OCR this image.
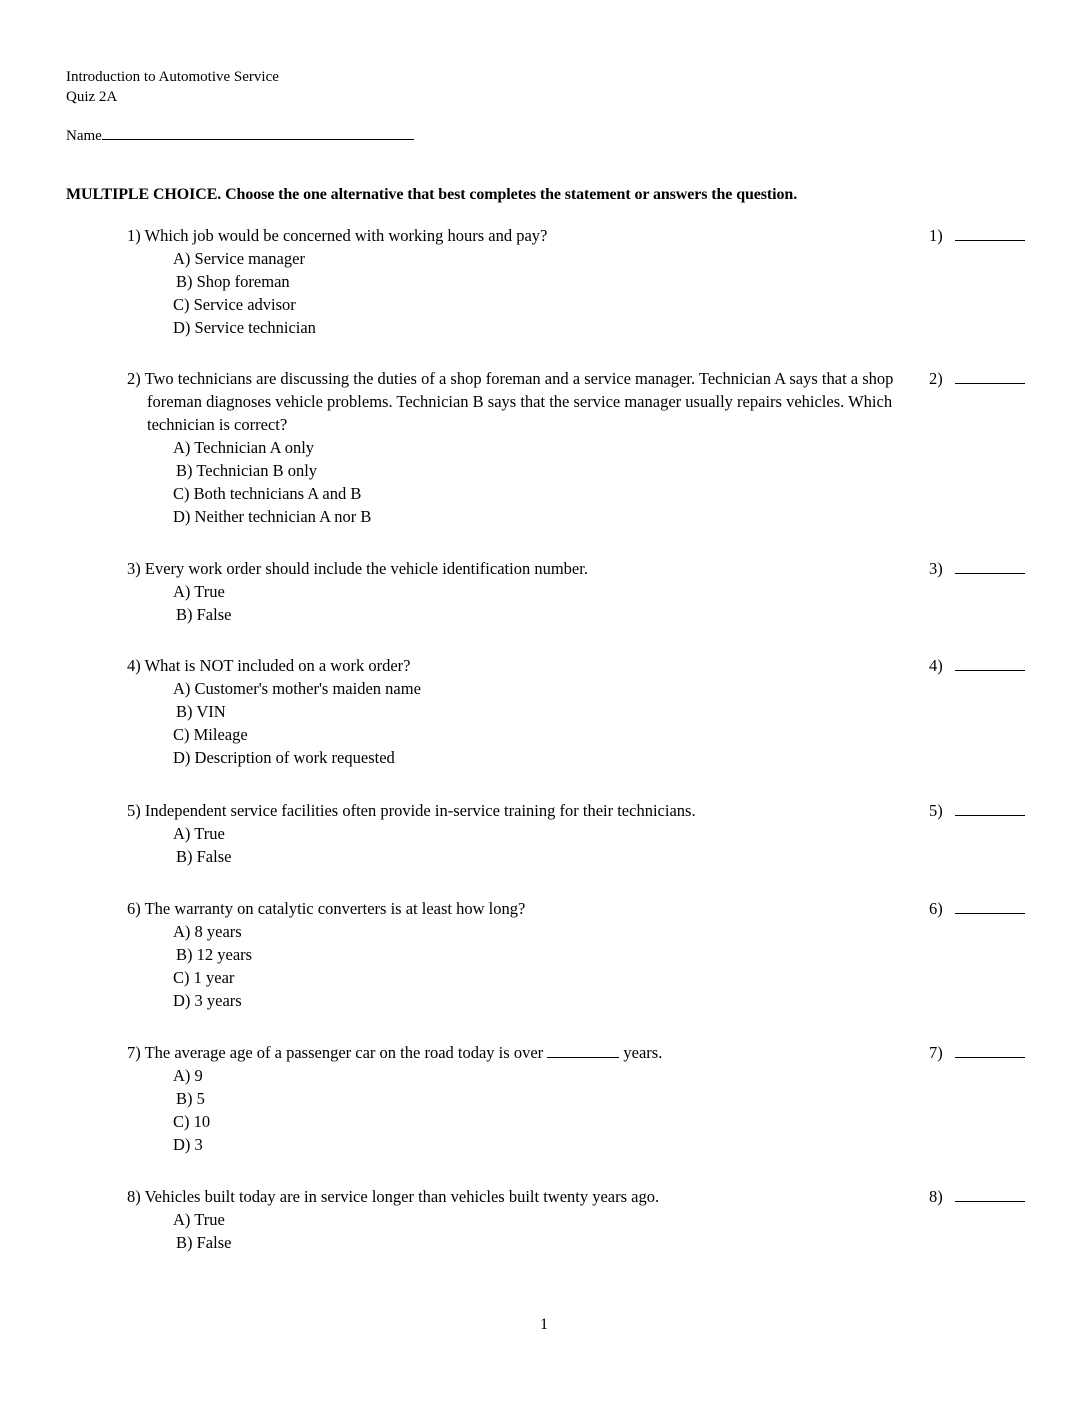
Introduction to Automotive Service
Quiz 2A
Name
MULTIPLE CHOICE. Choose the one alternative that best completes the statement or answers the question.
1) Which job would be concerned with working hours and pay?
A) Service manager
B) Shop foreman
C) Service advisor
D) Service technician
1)
2) Two technicians are discussing the duties of a shop foreman and a service manager. Technician A says that a shop foreman diagnoses vehicle problems. Technician B says that the service manager usually repairs vehicles. Which technician is correct?
A) Technician A only
B) Technician B only
C) Both technicians A and B
D) Neither technician A nor B
2)
3) Every work order should include the vehicle identification number.
A) True
B) False
3)
4) What is NOT included on a work order?
A) Customer's mother's maiden name
B) VIN
C) Mileage
D) Description of work requested
4)
5) Independent service facilities often provide in-service training for their technicians.
A) True
B) False
5)
6) The warranty on catalytic converters is at least how long?
A) 8 years
B) 12 years
C) 1 year
D) 3 years
6)
7) The average age of a passenger car on the road today is over	years.
A) 9
B) 5
C) 10
D) 3
7)
8) Vehicles built today are in service longer than vehicles built twenty years ago.
A) True
B) False
8)
1
